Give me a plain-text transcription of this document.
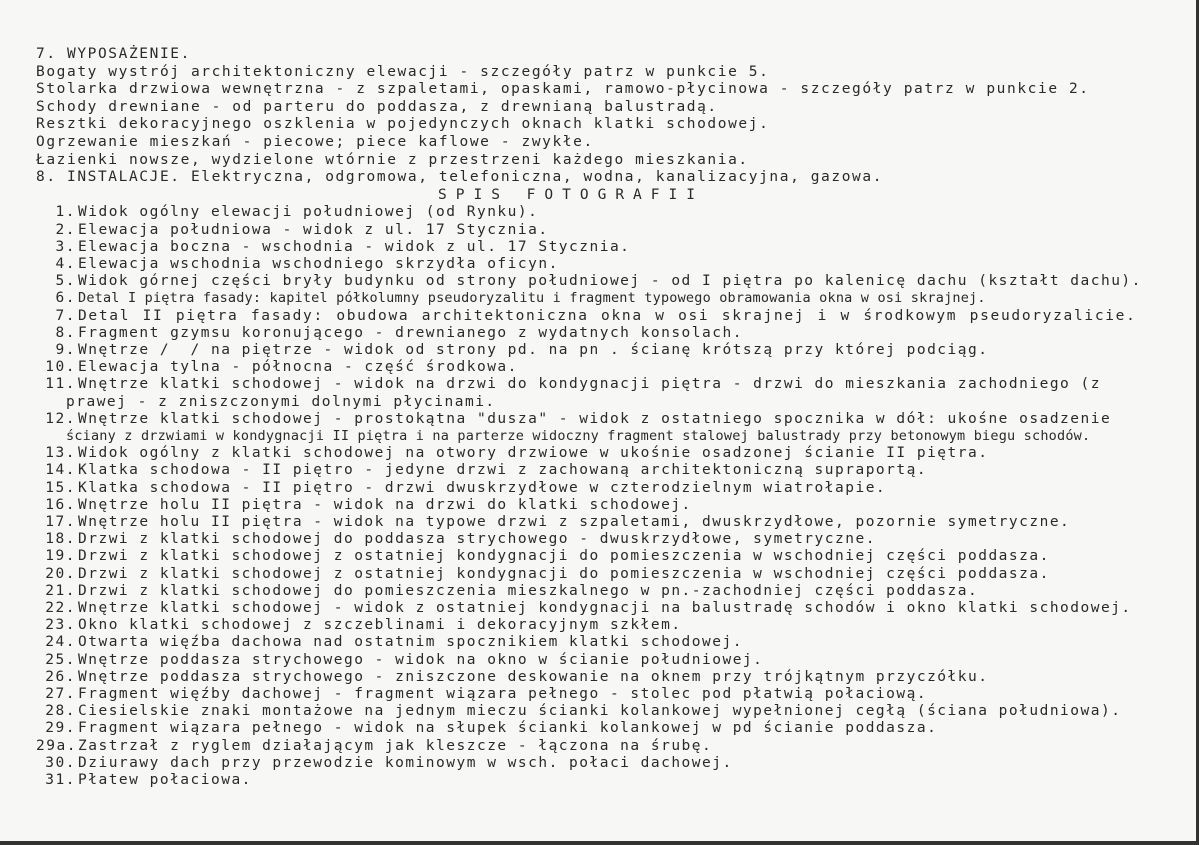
7. WYPOSAŻENIE.
Bogaty wystrój architektoniczny elewacji - szczegóły patrz w punkcie 5.
Stolarka drzwiowa wewnętrzna - z szpaletami, opaskami, ramowo-płycinowa - szczegóły patrz w punkcie 2.
Schody drewniane - od parteru do poddasza, z drewnianą balustradą.
Resztki dekoracyjnego oszklenia w pojedynczych oknach klatki schodowej.
Ogrzewanie mieszkań - piecowe; piece kaflowe - zwykłe.
Łazienki nowsze, wydzielone wtórnie z przestrzeni każdego mieszkania.
8. INSTALACJE. Elektryczna, odgromowa, telefoniczna, wodna, kanalizacyjna, gazowa.
SPIS FOTOGRAFII
1. Widok ogólny elewacji południowej (od Rynku).
2. Elewacja południowa - widok z ul. 17 Stycznia.
3. Elewacja boczna - wschodnia - widok z ul. 17 Stycznia.
4. Elewacja wschodnia wschodniego skrzydła oficyn.
5. Widok górnej części bryły budynku od strony południowej - od I piętra po kalenicę dachu (kształt dachu).
6. Detal I piętra fasady: kapitel półkolumny pseudoryzalitu i fragment typowego obramowania okna w osi skrajnej.
7. Detal II piętra fasady: obudowa architektoniczna okna w osi skrajnej i w środkowym pseudoryzalicie.
8. Fragment gzymsu koronującego - drewnianego z wydatnych konsolach.
9. Wnętrze /  / na piętrze - widok od strony pd. na pn . ścianę krótszą przy której podciąg.
10. Elewacja tylna - północna - część środkowa.
11. Wnętrze klatki schodowej - widok na drzwi do kondygnacji piętra - drzwi do mieszkania zachodniego (z
prawej - z zniszczonymi dolnymi płycinami.
12. Wnętrze klatki schodowej - prostokątna "dusza" - widok z ostatniego spocznika w dół: ukośne osadzenie
ściany z drzwiami w kondygnacji II piętra i na parterze widoczny fragment stalowej balustrady przy betonowym biegu schodów.
13. Widok ogólny z klatki schodowej na otwory drzwiowe w ukośnie osadzonej ścianie II piętra.
14. Klatka schodowa - II piętro - jedyne drzwi z zachowaną architektoniczną supraportą.
15. Klatka schodowa - II piętro - drzwi dwuskrzydłowe w czterodzielnym wiatrołapie.
16. Wnętrze holu II piętra - widok na drzwi do klatki schodowej.
17. Wnętrze holu II piętra - widok na typowe drzwi z szpaletami, dwuskrzydłowe, pozornie symetryczne.
18. Drzwi z klatki schodowej do poddasza strychowego - dwuskrzydłowe, symetryczne.
19. Drzwi z klatki schodowej z ostatniej kondygnacji do pomieszczenia w wschodniej części poddasza.
20. Drzwi z klatki schodowej z ostatniej kondygnacji do pomieszczenia w wschodniej części poddasza.
21. Drzwi z klatki schodowej do pomieszczenia mieszkalnego w pn.-zachodniej części poddasza.
22. Wnętrze klatki schodowej - widok z ostatniej kondygnacji na balustradę schodów i okno klatki schodowej.
23. Okno klatki schodowej z szczeblinami i dekoracyjnym szkłem.
24. Otwarta więźba dachowa nad ostatnim spocznikiem klatki schodowej.
25. Wnętrze poddasza strychowego - widok na okno w ścianie południowej.
26. Wnętrze poddasza strychowego - zniszczone deskowanie na oknem przy trójkątnym przyczółku.
27. Fragment więźby dachowej - fragment wiązara pełnego - stolec pod płatwią połaciową.
28. Ciesielskie znaki montażowe na jednym mieczu ścianki kolankowej wypełnionej cegłą (ściana południowa).
29. Fragment wiązara pełnego - widok na słupek ścianki kolankowej w pd ścianie poddasza.
29a. Zastrzał z ryglem działającym jak kleszcze - łączona na śrubę.
30. Dziurawy dach przy przewodzie kominowym w wsch. połaci dachowej.
31. Płatew połaciowa.
